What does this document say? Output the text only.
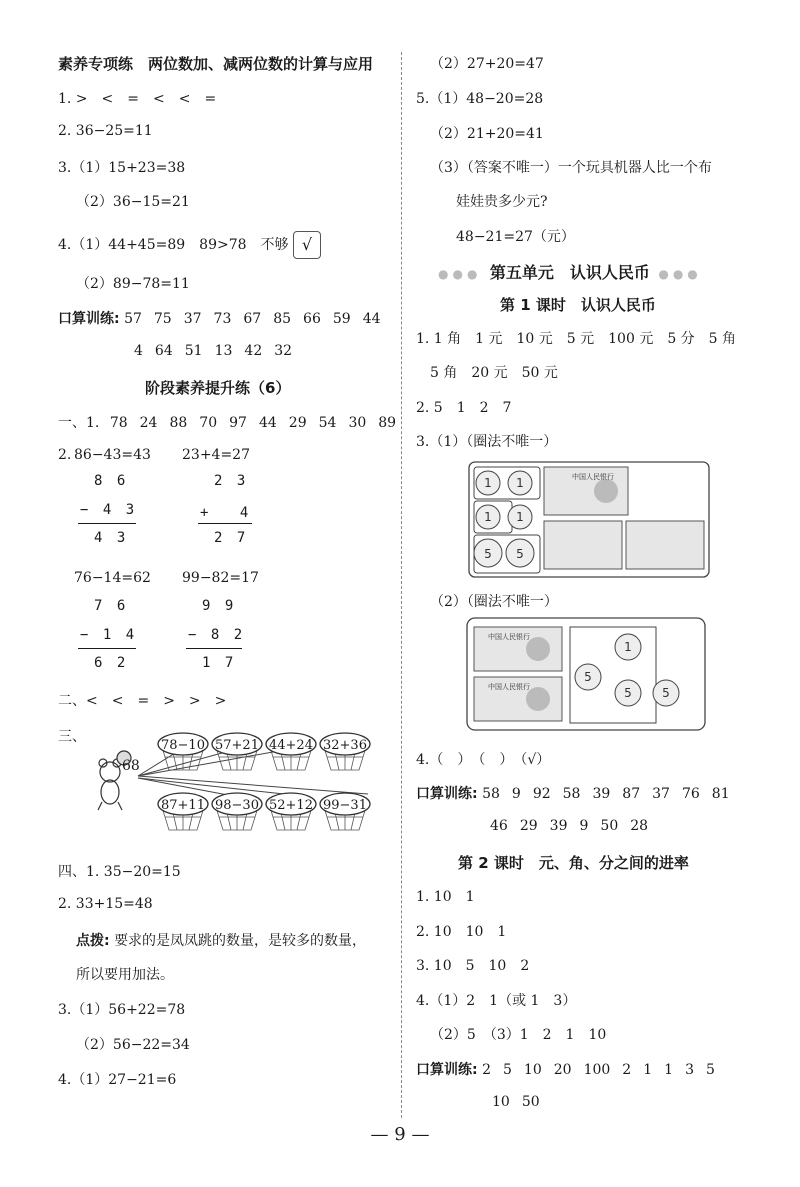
素养专项练　两位数加、减两位数的计算与应用
1. >　<　=　<　<　=
2. 36−25=11
3.（1）15+23=38
（2）36−15=21
4.（1）44+45=89　89>78　不够 √
（2）89−78=11
口算训练: 57 75 37 73 67 85 66 59 44
4 64 51 13 42 32
阶段素养提升练（6）
一、1. 78 24 88 70 97 44 29 54 30 89
2. 86−43=43
8 6
− 4 3
4 3
23+4=27
2 3
+ 　4
2 7
76−14=62
7 6
− 1 4
6 2
99−82=17
9 9
− 8 2
1 7
二、<　<　=　>　>　>
三、
68
78−10 57+21 44+24 32+36
87+11 98−30 52+12 99−31
四、1. 35−20=15
2. 33+15=48
点拨: 要求的是凤凤跳的数量，是较多的数量，
所以要用加法。
3.（1）56+22=78
（2）56−22=34
4.（1）27−21=6
（2）27+20=47
5.（1）48−20=28
（2）21+20=41
（3）（答案不唯一）一个玩具机器人比一个布
娃娃贵多少元?
48−21=27（元）
●●● 第五单元　认识人民币 ●●●
第 1 课时　认识人民币
1. 1 角　1 元　10 元　5 元　100 元　5 分　5 角
5 角　20 元　50 元
2. 5　1　2　7
3.（1）（圈法不唯一）
1 1
1 1
5 5
中国人民银行
（2）（圈法不唯一）
中国人民银行
中国人民银行
1
5
5	5
4.（　）　（　）　（√）
口算训练: 58 9 92 58 39 87 37 76 81
46 29 39 9 50 28
第 2 课时　元、角、分之间的进率
1. 10　1
2. 10　10　1
3. 10　5　10　2
4.（1）2　1（或 1　3）
（2）5　（3）1　2　1　10
口算训练: 2 5 10 20 100 2 1 1 3 5
10 50
— 9 —
